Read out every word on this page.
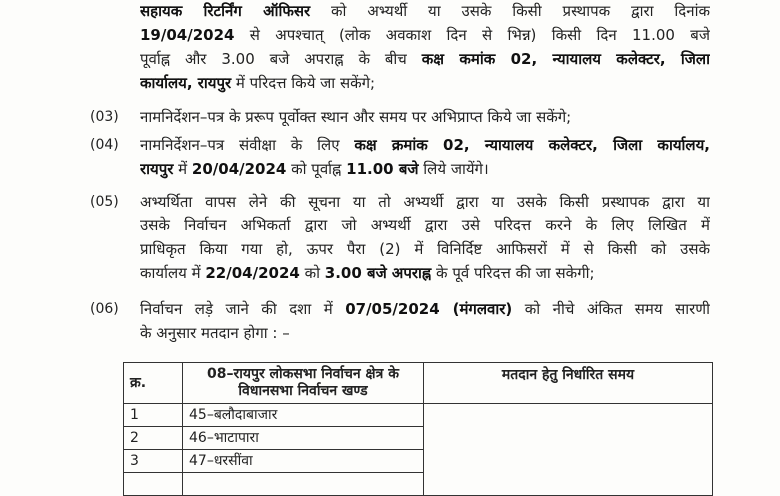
सहायक रिटर्निंग ऑफिसर को अभ्यर्थी या उसके किसी प्रस्थापक द्वारा दिनांक
19/04/2024 से अपश्चात् (लोक अवकाश दिन से भिन्न) किसी दिन 11.00 बजे
पूर्वाह्न और 3.00 बजे अपराह्न के बीच कक्ष कमांक 02, न्यायालय कलेक्टर, जिला
कार्यालय, रायपुर में परिदत्त किये जा सकेंगे;
(03) नामनिर्देशन–पत्र के प्ररूप पूर्वोक्त स्थान और समय पर अभिप्राप्त किये जा सकेंगे;
(04) नामनिर्देशन–पत्र संवीक्षा के लिए कक्ष क्रमांक 02, न्यायालय कलेक्टर, जिला कार्यालय,
रायपुर में 20/04/2024 को पूर्वाह्न 11.00 बजे लिये जायेंगे।
(05) अभ्यर्थिता वापस लेने की सूचना या तो अभ्यर्थी द्वारा या उसके किसी प्रस्थापक द्वारा या
उसके निर्वाचन अभिकर्ता द्वारा जो अभ्यर्थी द्वारा उसे परिदत्त करने के लिए लिखित में
प्राधिकृत किया गया हो, ऊपर पैरा (2) में विनिर्दिष्ट आफिसरों में से किसी को उसके
कार्यालय में 22/04/2024 को 3.00 बजे अपराह्न के पूर्व परिदत्त की जा सकेगी;
(06) निर्वाचन लड़े जाने की दशा में 07/05/2024 (मंगलवार) को नीचे अंकित समय सारणी
के अनुसार मतदान होगा : –
क्र.	08–रायपुर लोकसभा निर्वाचन क्षेत्र के विधानसभा निर्वाचन खण्ड	मतदान हेतु निर्धारित समय
1	45–बलौदाबाजार	
2	46–भाटापारा	
3	47–धरसींवा	
